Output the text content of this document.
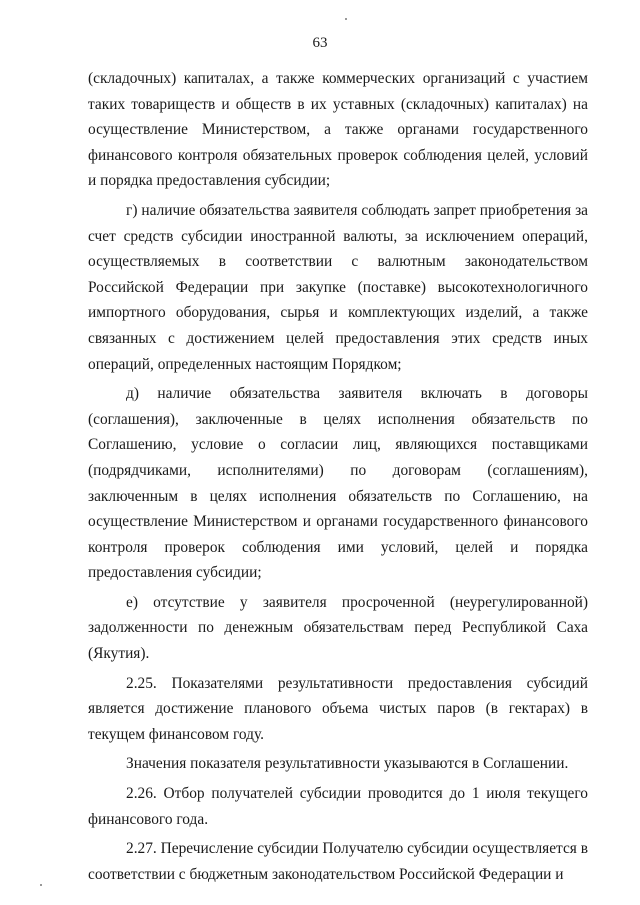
63

(складочных) капиталах, а также коммерческих организаций с участием таких товариществ и обществ в их уставных (складочных) капиталах) на осуществление Министерством, а также органами государственного финансового контроля обязательных проверок соблюдения целей, условий и порядка предоставления субсидии;

г) наличие обязательства заявителя соблюдать запрет приобретения за счет средств субсидии иностранной валюты, за исключением операций, осуществляемых в соответствии с валютным законодательством Российской Федерации при закупке (поставке) высокотехнологичного импортного оборудования, сырья и комплектующих изделий, а также связанных с достижением целей предоставления этих средств иных операций, определенных настоящим Порядком;

д) наличие обязательства заявителя включать в договоры (соглашения), заключенные в целях исполнения обязательств по Соглашению, условие о согласии лиц, являющихся поставщиками (подрядчиками, исполнителями) по договорам (соглашениям), заключенным в целях исполнения обязательств по Соглашению, на осуществление Министерством и органами государственного финансового контроля проверок соблюдения ими условий, целей и порядка предоставления субсидии;

е) отсутствие у заявителя просроченной (неурегулированной) задолженности по денежным обязательствам перед Республикой Саха (Якутия).

2.25. Показателями результативности предоставления субсидий является достижение планового объема чистых паров (в гектарах) в текущем финансовом году.

Значения показателя результативности указываются в Соглашении.

2.26. Отбор получателей субсидии проводится до 1 июля текущего финансового года.

2.27. Перечисление субсидии Получателю субсидии осуществляется в соответствии с бюджетным законодательством Российской Федерации и
